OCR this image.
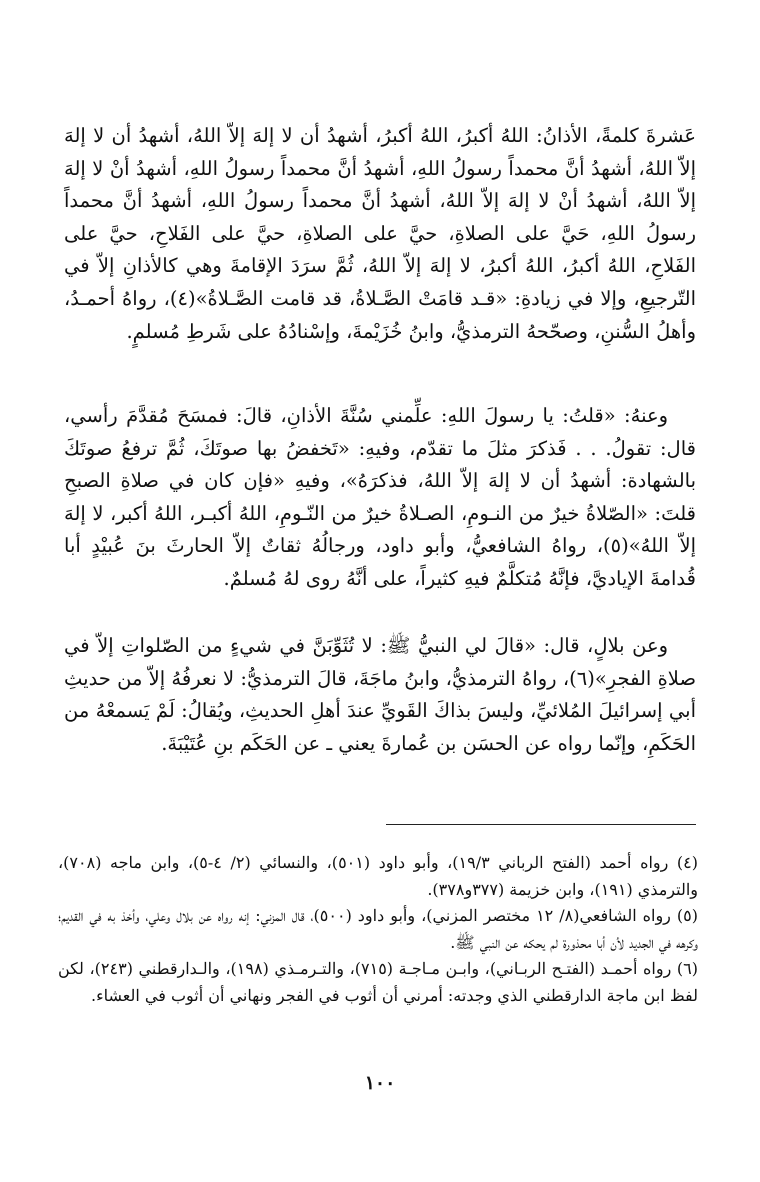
عَشرةَ كلمةً، الأذانُ: اللهُ أكبرُ، اللهُ أكبرُ، أشهدُ أن لا إلهَ إلاّ اللهُ، أشهدُ أن لا إلهَ إلاّ اللهُ، أشهدُ أنَّ محمداً رسولُ اللهِ، أشهدُ أنَّ محمداً رسولُ اللهِ، أشهدُ أنْ لا إلهَ إلاّ اللهُ، أشهدُ أنْ لا إلهَ إلاّ اللهُ، أشهدُ أنَّ محمداً رسولُ اللهِ، أشهدُ أنَّ محمداً رسولُ اللهِ، حَيَّ على الصلاةِ، حيَّ على الصلاةِ، حيَّ على الفَلاحِ، حيَّ على الفَلاحِ، اللهُ أكبرُ، اللهُ أكبرُ، لا إلهَ إلاّ اللهُ، ثُمَّ سرَدَ الإقامةَ وهي كالأذانِ إلاّ في التّرجيعِ، وإلا في زيادةِ: «قـد قامَتْ الصَّـلاةُ، قد قامت الصَّـلاةُ»(٤)، رواهُ أحمـدُ، وأهلُ السُّننِ، وصحّحهُ الترمذيُّ، وابنُ خُزَيْمةَ، وإسْنادُهُ على شَرطِ مُسلمٍ.

وعنهُ: «قلتُ: يا رسولَ اللهِ: علِّمني سُنَّةَ الأذانِ، قالَ: فمسَحَ مُقدَّمَ رأسي، قال: تقولُ. . . فَذكرَ مثلَ ما تقدّم، وفيهِ: «تَخفضُ بها صوتَكَ، ثُمَّ ترفعُ صوتَكَ بالشهادة: أشهدُ أن لا إلهَ إلاّ اللهُ، فذكرَهُ»، وفيهِ «فإن كان في صلاةِ الصبحِ قلتَ: «الصّلاةُ خيرٌ من النـومِ، الصـلاةُ خيرٌ من النّـومِ، اللهُ أكبـر، اللهُ أكبر، لا إلهَ إلاّ اللهُ»(٥)، رواهُ الشافعيُّ، وأبو داود، ورجالُهُ ثقاتٌ إلاّ الحارثَ بنَ عُبيْدٍ أبا قُدامةَ الإياديَّ، فإنَّهُ مُتكلَّمٌ فيهِ كثيراً، على أنَّهُ روى لهُ مُسلمٌ.

وعن بلالٍ، قال: «قالَ لي النبيُّ ﷺ: لا تُثَوِّبَنَّ في شيءٍ من الصّلواتِ إلاّ في صلاةِ الفجرِ»(٦)، رواهُ الترمذيُّ، وابنُ ماجَةَ، قالَ الترمذيُّ: لا نعرفُهُ إلاّ من حديثِ أبي إسرائيلَ المُلائيِّ، وليسَ بذاكَ القَويِّ عندَ أهلِ الحديثِ، ويُقالُ: لَمْ يَسمعْهُ من الحَكَمِ، وإنّما رواه عن الحسَن بن عُمارةَ يعني ـ عن الحَكَم بنِ عُتَيْبَةَ.

(٤) رواه أحمد (الفتح الرباني ١٩/٣)، وأبو داود (٥٠١)، والنسائي (٢/ ٤-٥)، وابن ماجه (٧٠٨)، والترمذي (١٩١)، وابن خزيمة (٣٧٧و٣٧٨).

(٥) رواه الشافعي(٨/ ١٢ مختصر المزني)، وأبو داود (٥٠٠)، قال المزني: إنه رواه عن بلال وعلي، وأخذ به في القديم؛ وكرهه في الجديد لأن أبا محذورة لم يحكه عن النبي ﷺ.

(٦) رواه أحمـد (الفتـح الربـاني)، وابـن مـاجـة (٧١٥)، والتـرمـذي (١٩٨)، والـدارقطني (٢٤٣)، لكن لفظ ابن ماجة الدارقطني الذي وجدته: أمرني أن أثوب في الفجر ونهاني أن أثوب في العشاء.

١٠٠
